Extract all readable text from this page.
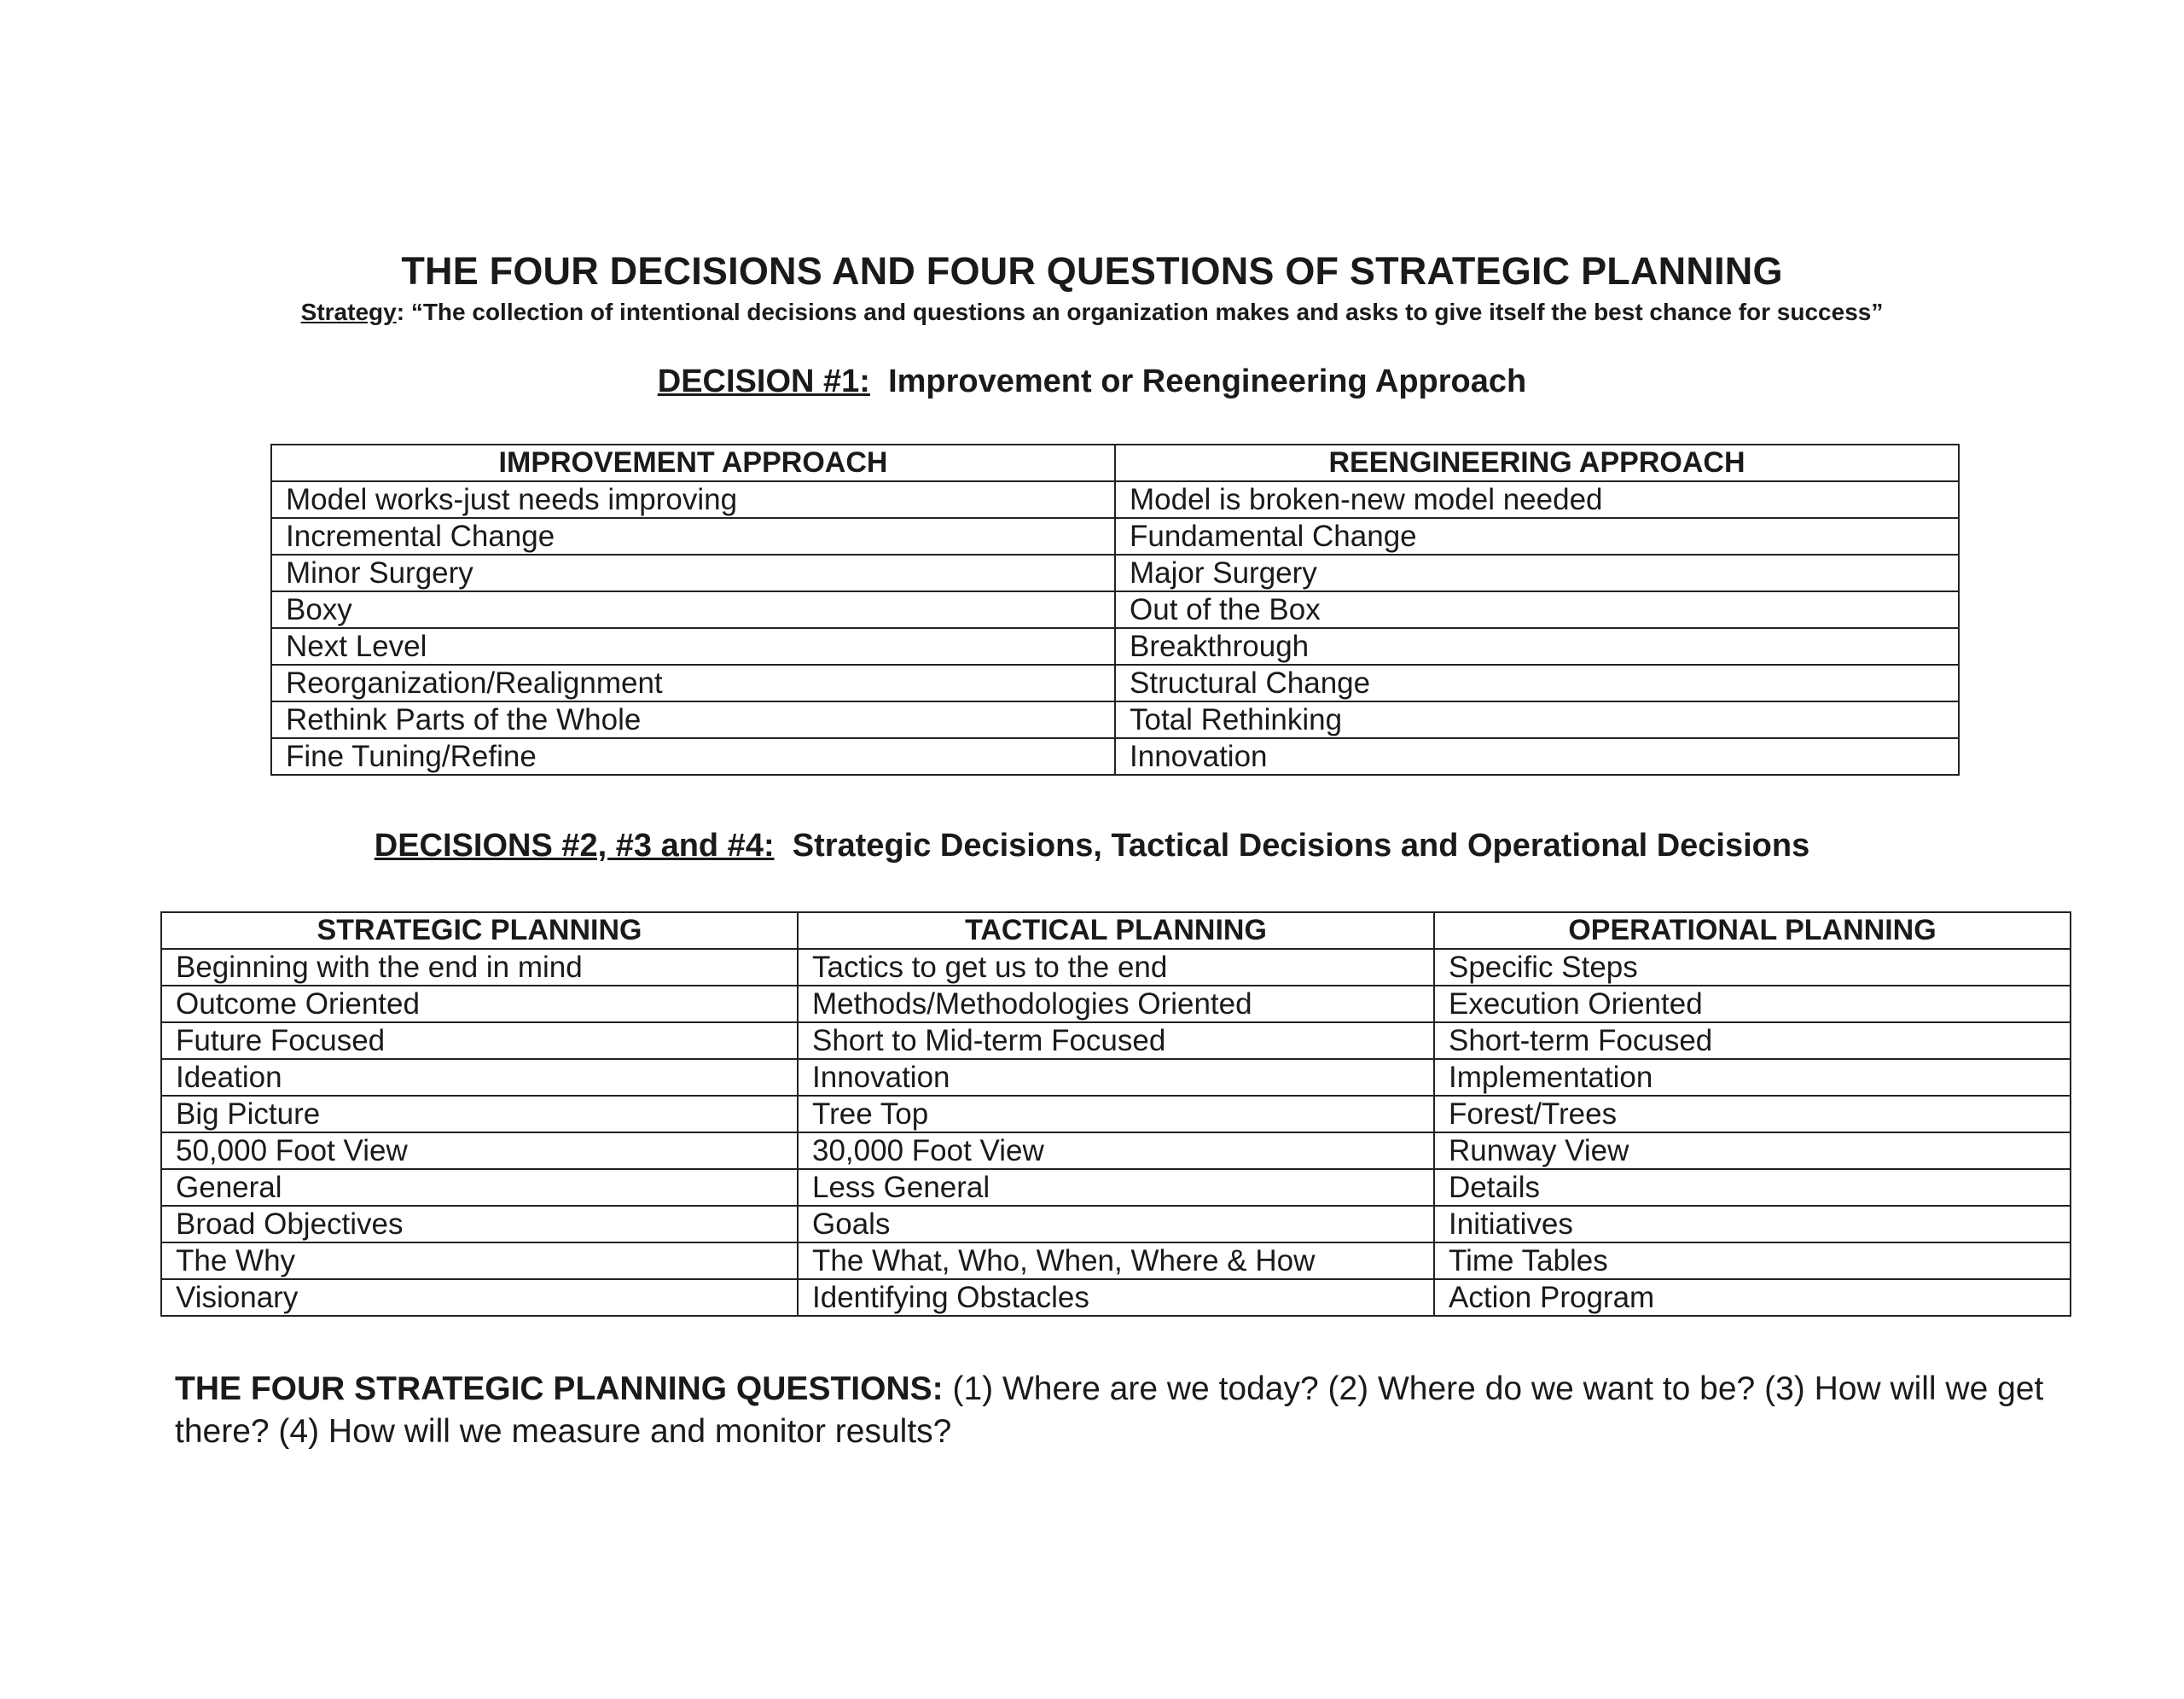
THE FOUR DECISIONS AND FOUR QUESTIONS OF STRATEGIC PLANNING
Strategy: “The collection of intentional decisions and questions an organization makes and asks to give itself the best chance for success”
DECISION #1: Improvement or Reengineering Approach
IMPROVEMENT APPROACH	REENGINEERING APPROACH
Model works-just needs improving	Model is broken-new model needed
Incremental Change	Fundamental Change
Minor Surgery	Major Surgery
Boxy	Out of the Box
Next Level	Breakthrough
Reorganization/Realignment	Structural Change
Rethink Parts of the Whole	Total Rethinking
Fine Tuning/Refine	Innovation
DECISIONS #2, #3 and #4: Strategic Decisions, Tactical Decisions and Operational Decisions
STRATEGIC PLANNING	TACTICAL PLANNING	OPERATIONAL PLANNING
Beginning with the end in mind	Tactics to get us to the end	Specific Steps
Outcome Oriented	Methods/Methodologies Oriented	Execution Oriented
Future Focused	Short to Mid-term Focused	Short-term Focused
Ideation	Innovation	Implementation
Big Picture	Tree Top	Forest/Trees
50,000 Foot View	30,000 Foot View	Runway View
General	Less General	Details
Broad Objectives	Goals	Initiatives
The Why	The What, Who, When, Where & How	Time Tables
Visionary	Identifying Obstacles	Action Program
THE FOUR STRATEGIC PLANNING QUESTIONS: (1) Where are we today? (2) Where do we want to be? (3) How will we get there? (4) How will we measure and monitor results?
